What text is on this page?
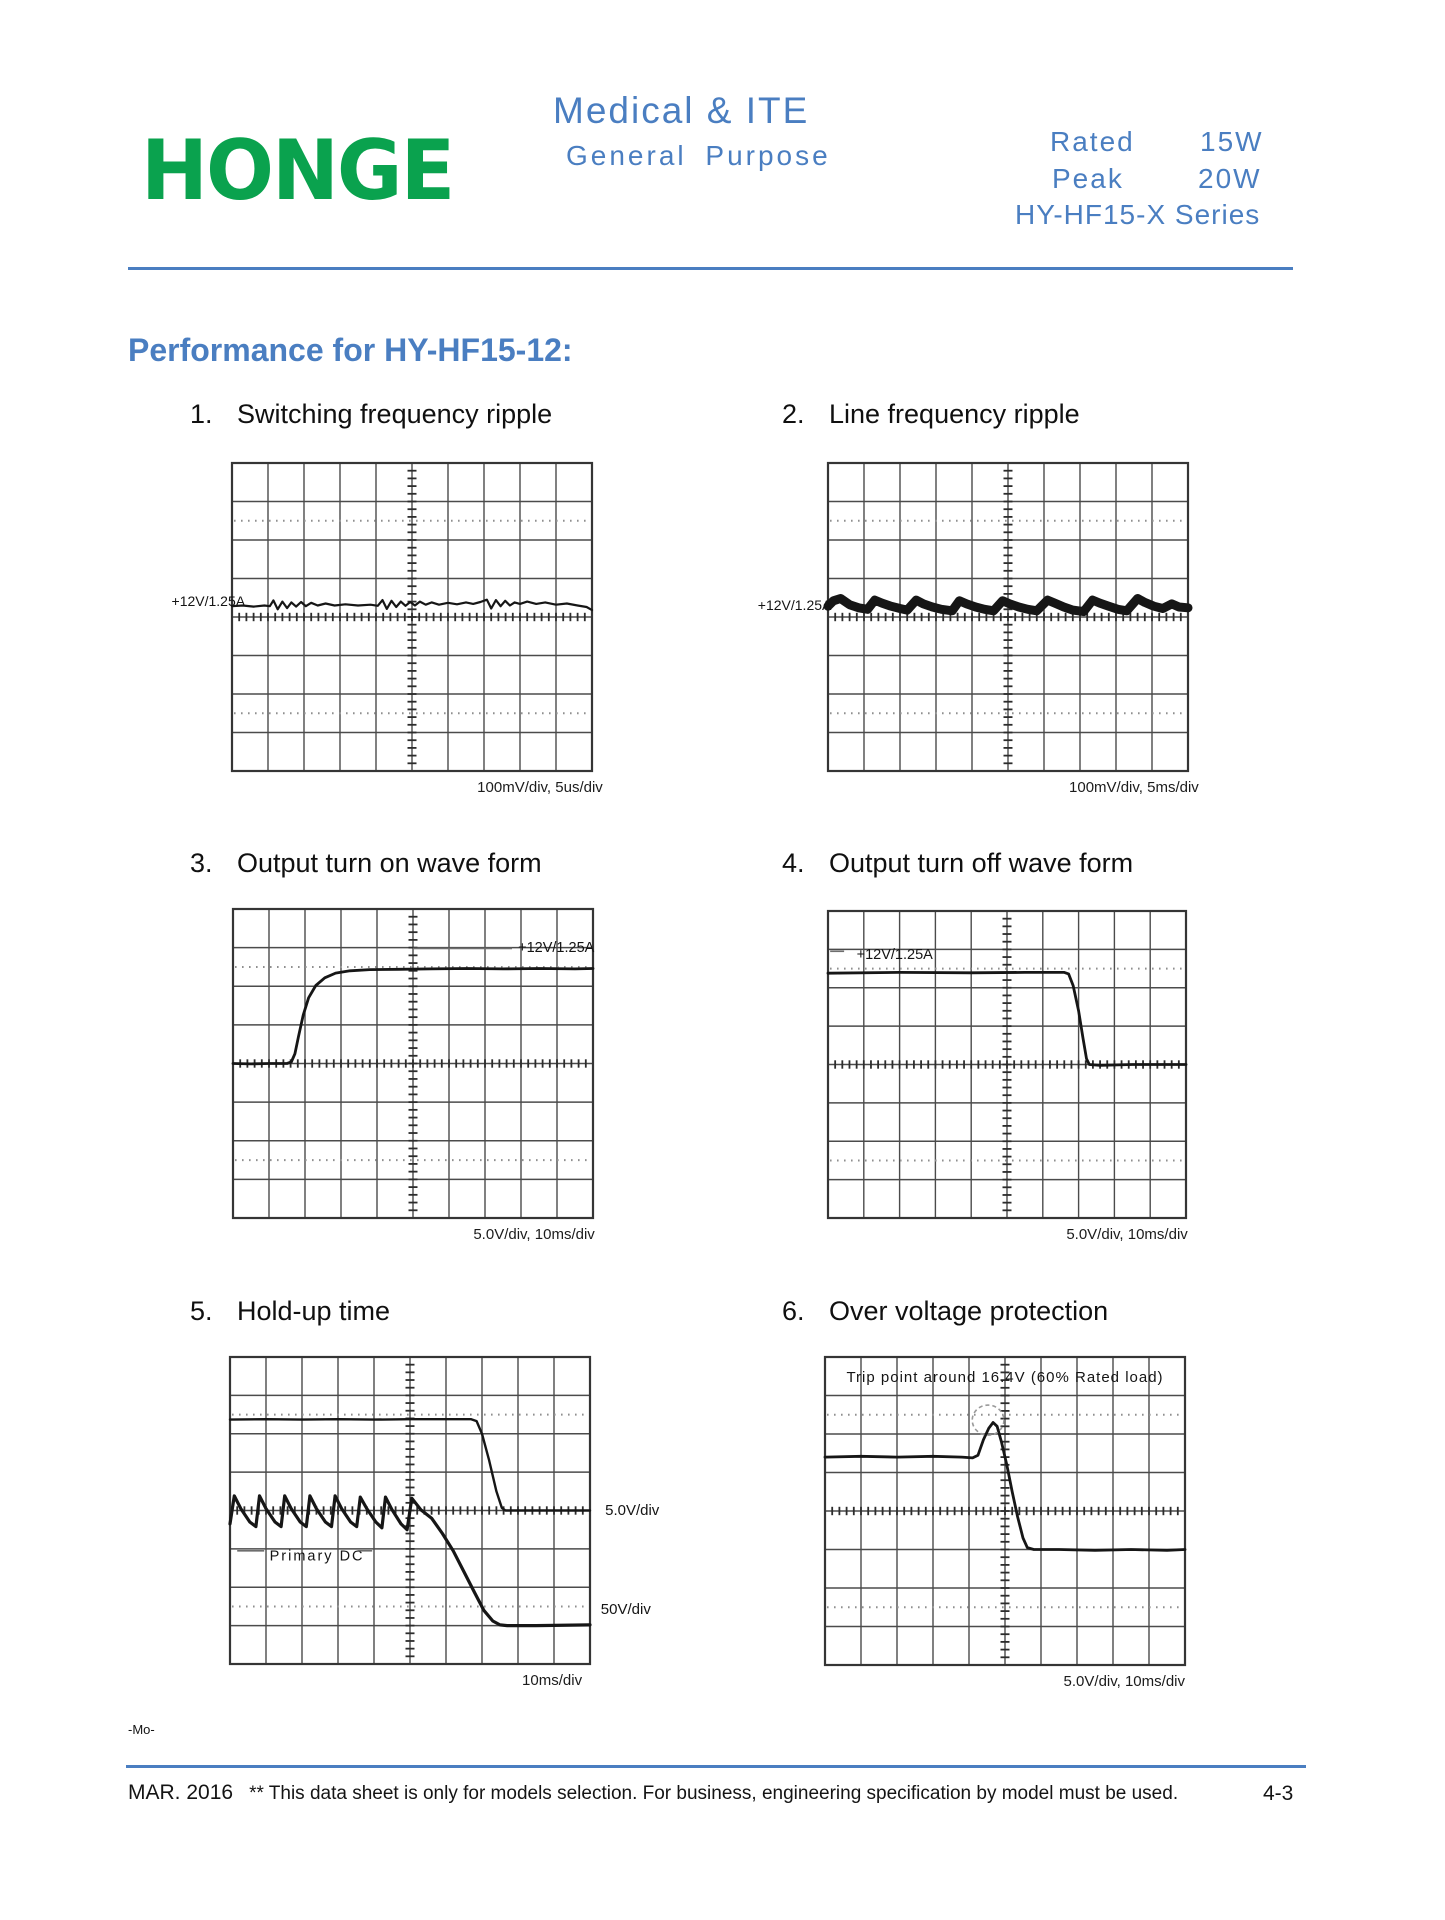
HONGE
Medical & ITE
General Purpose	Rated 15W
Peak	20W
HY-HF15-X Series
Performance for HY-HF15-12:
1. Switching frequency ripple	2. Line frequency ripple
3. Output turn on wave form	4. Output turn off wave form
5. Hold-up time	6. Over voltage protection
+12V/1.25A
100mV/div, 5us/div
+12V/1.25A
100mV/div, 5ms/div
+12V/1.25A
5.0V/div, 10ms/div
+12V/1.25A
5.0V/div, 10ms/div
Primary DC
5.0V/div
50V/div
10ms/div
Trip point around 16.4V (60% Rated load)
5.0V/div, 10ms/div
-Mo-
MAR. 2016 ** This data sheet is only for models selection. For business, engineering specification by model must be used.	4-3
